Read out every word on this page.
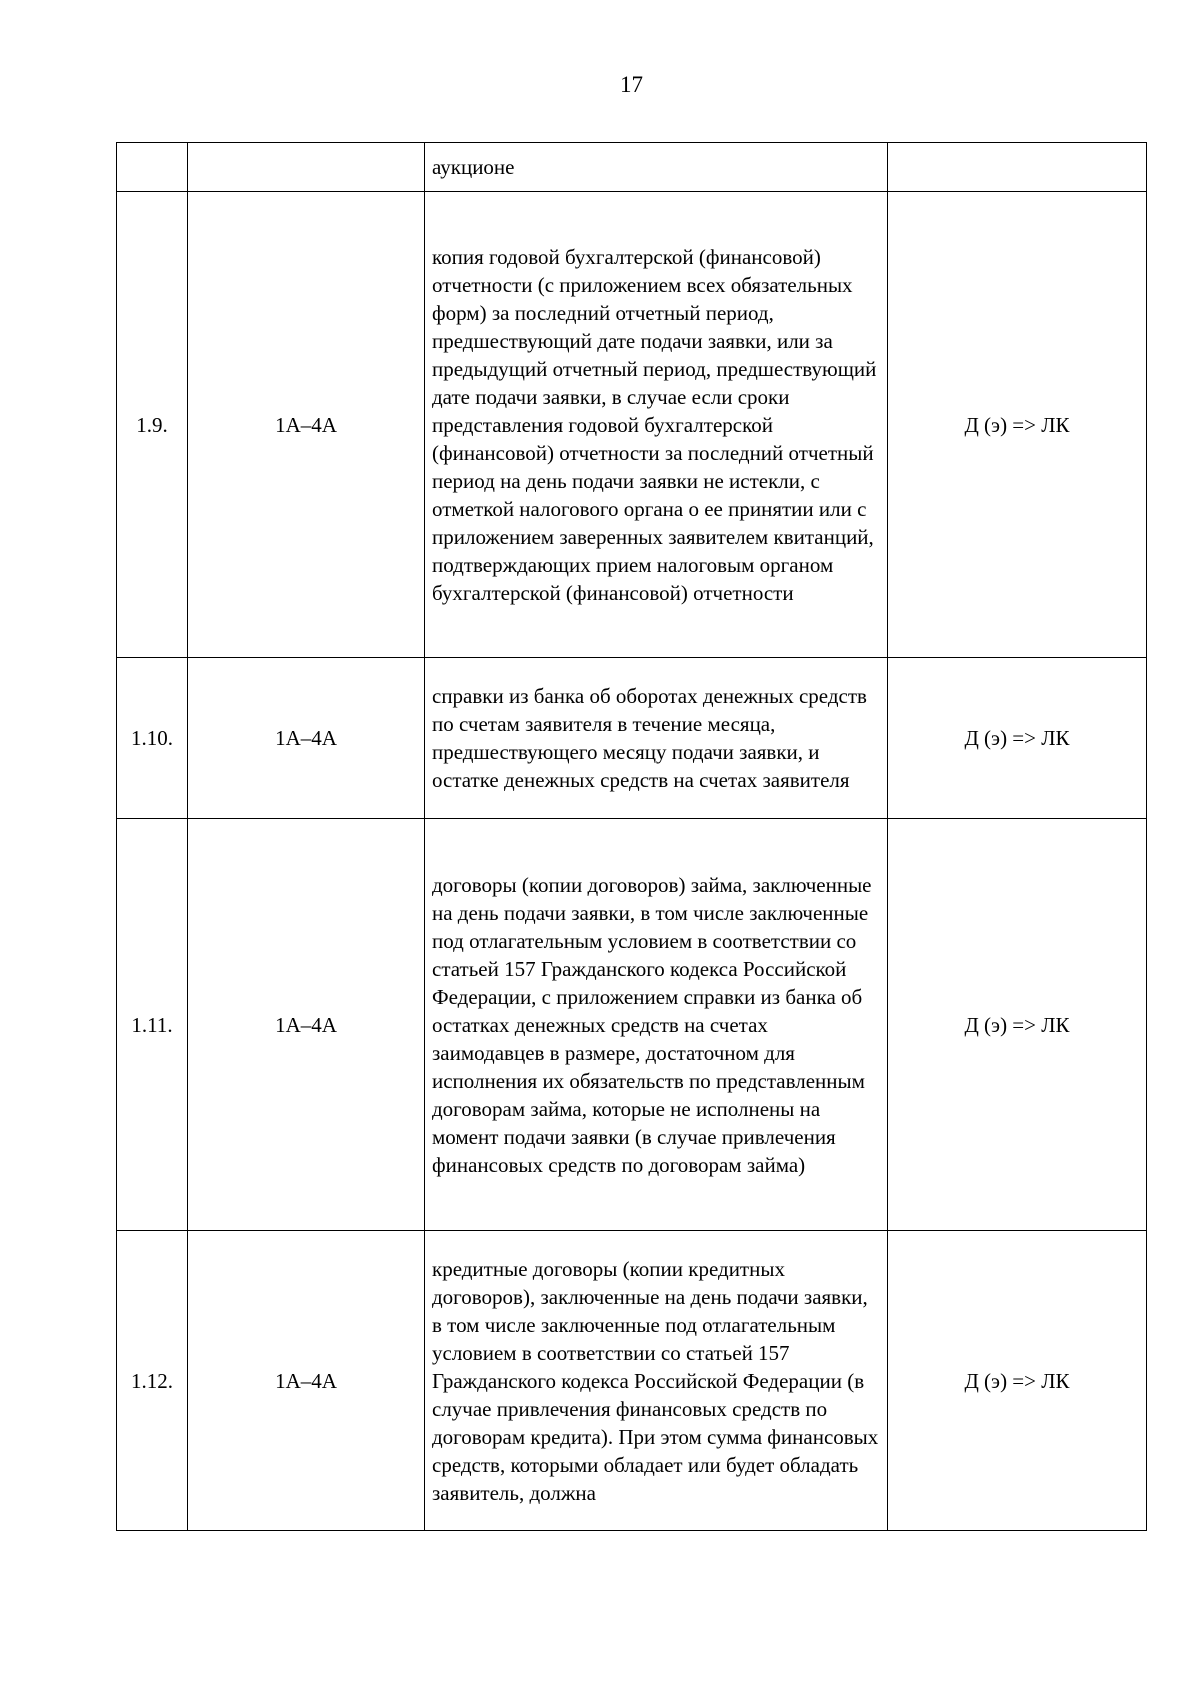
17
		аукционе	
1.9.	1А–4А	копия годовой бухгалтерской (финансовой) отчетности (с приложением всех обязательных форм) за последний отчетный период, предшествующий дате подачи заявки, или за предыдущий отчетный период, предшествующий дате подачи заявки, в случае если сроки представления годовой бухгалтерской (финансовой) отчетности за последний отчетный период на день подачи заявки не истекли, с отметкой налогового органа о ее принятии или с приложением заверенных заявителем квитанций, подтверждающих прием налоговым органом бухгалтерской (финансовой) отчетности	Д (э) => ЛК
1.10.	1А–4А	справки из банка об оборотах денежных средств по счетам заявителя в течение месяца, предшествующего месяцу подачи заявки, и остатке денежных средств на счетах заявителя	Д (э) => ЛК
1.11.	1А–4А	договоры (копии договоров) займа, заключенные на день подачи заявки, в том числе заключенные под отлагательным условием в соответствии со статьей 157 Гражданского кодекса Российской Федерации, с приложением справки из банка об остатках денежных средств на счетах заимодавцев в размере, достаточном для исполнения их обязательств по представленным договорам займа, которые не исполнены на момент подачи заявки (в случае привлечения финансовых средств по договорам займа)	Д (э) => ЛК
1.12.	1А–4А	кредитные договоры (копии кредитных договоров), заключенные на день подачи заявки, в том числе заключенные под отлагательным условием в соответствии со статьей 157 Гражданского кодекса Российской Федерации (в случае привлечения финансовых средств по договорам кредита). При этом сумма финансовых средств, которыми обладает или будет обладать заявитель, должна	Д (э) => ЛК
